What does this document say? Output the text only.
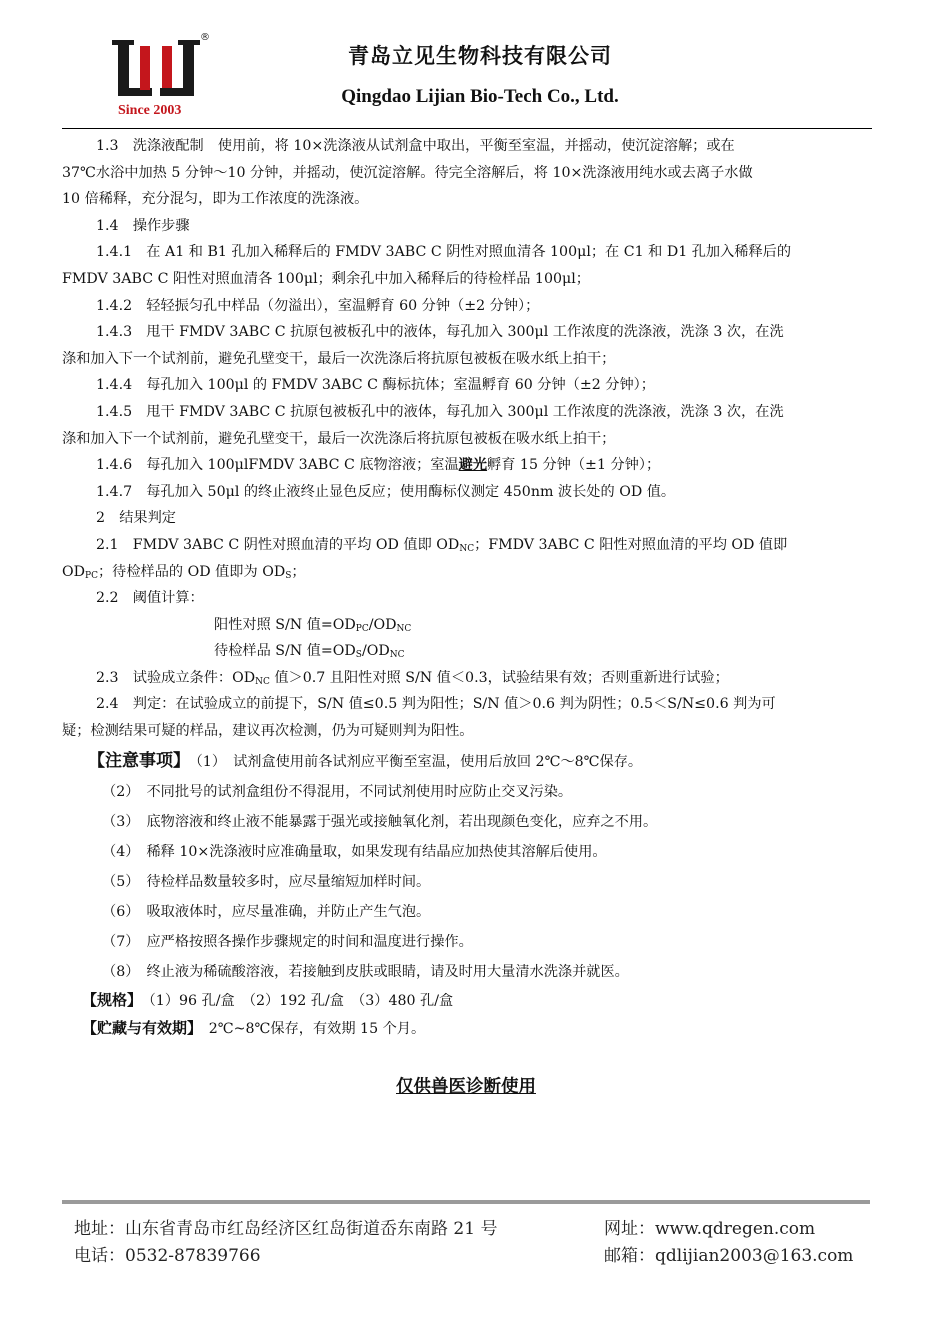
®
Since 2003
青岛立见生物科技有限公司
Qingdao Lijian Bio-Tech Co., Ltd.

1.3　洗涤液配制　使用前，将 10×洗涤液从试剂盒中取出，平衡至室温，并摇动，使沉淀溶解；或在

37℃水浴中加热 5 分钟～10 分钟，并摇动，使沉淀溶解。待完全溶解后，将 10×洗涤液用纯水或去离子水做

10 倍稀释，充分混匀，即为工作浓度的洗涤液。

1.4　操作步骤

1.4.1　在 A1 和 B1 孔加入稀释后的 FMDV 3ABC C 阴性对照血清各 100μl；在 C1 和 D1 孔加入稀释后的

FMDV 3ABC C 阳性对照血清各 100μl；剩余孔中加入稀释后的待检样品 100μl；

1.4.2　轻轻振匀孔中样品（勿溢出），室温孵育 60 分钟（±2 分钟）；

1.4.3　甩干 FMDV 3ABC C 抗原包被板孔中的液体，每孔加入 300μl 工作浓度的洗涤液，洗涤 3 次，在洗

涤和加入下一个试剂前，避免孔壁变干，最后一次洗涤后将抗原包被板在吸水纸上拍干；

1.4.4　每孔加入 100μl 的 FMDV 3ABC C 酶标抗体；室温孵育 60 分钟（±2 分钟）；

1.4.5　甩干 FMDV 3ABC C 抗原包被板孔中的液体，每孔加入 300μl 工作浓度的洗涤液，洗涤 3 次，在洗

涤和加入下一个试剂前，避免孔壁变干，最后一次洗涤后将抗原包被板在吸水纸上拍干；

1.4.6　每孔加入 100μlFMDV 3ABC C 底物溶液；室温避光孵育 15 分钟（±1 分钟）；

1.4.7　每孔加入 50μl 的终止液终止显色反应；使用酶标仪测定 450nm 波长处的 OD 值。

2　结果判定

2.1　FMDV 3ABC C 阴性对照血清的平均 OD 值即 $OD_{NC}$；FMDV 3ABC C 阳性对照血清的平均 OD 值即

$OD_{PC}$；待检样品的 OD 值即为 $OD_S$；

2.2　阈值计算：

阳性对照 S/N 值$=OD_{PC}/OD_{NC}$

待检样品 S/N 值$=OD_S/OD_{NC}$

2.3　试验成立条件：$OD_{NC}$ 值＞0.7 且阳性对照 S/N 值＜0.3，试验结果有效；否则重新进行试验；

2.4　判定：在试验成立的前提下，S/N 值≤0.5 判为阳性；S/N 值＞0.6 判为阴性；0.5＜S/N≤0.6 判为可

疑；检测结果可疑的样品，建议再次检测，仍为可疑则判为阳性。

【注意事项】　 （1）　试剂盒使用前各试剂应平衡至室温，使用后放回 2℃～8℃保存。

（2）　不同批号的试剂盒组份不得混用，不同试剂使用时应防止交叉污染。

（3）　底物溶液和终止液不能暴露于强光或接触氧化剂，若出现颜色变化，应弃之不用。

（4）　稀释 10×洗涤液时应准确量取，如果发现有结晶应加热使其溶解后使用。

（5）　待检样品数量较多时，应尽量缩短加样时间。

（6）　吸取液体时，应尽量准确，并防止产生气泡。

（7）　应严格按照各操作步骤规定的时间和温度进行操作。

（8）　终止液为稀硫酸溶液，若接触到皮肤或眼睛，请及时用大量清水洗涤并就医。

【规格】　 （1）96 孔/盒　（2）192 孔/盒　（3）480 孔/盒

【贮藏与有效期】　 2℃~8℃保存，有效期 15 个月。

仅供兽医诊断使用
地址：山东省青岛市红岛经济区红岛街道岙东南路 21 号
电话：0532-87839766
网址：www.qdregen.com
邮箱：qdlijian2003@163.com
